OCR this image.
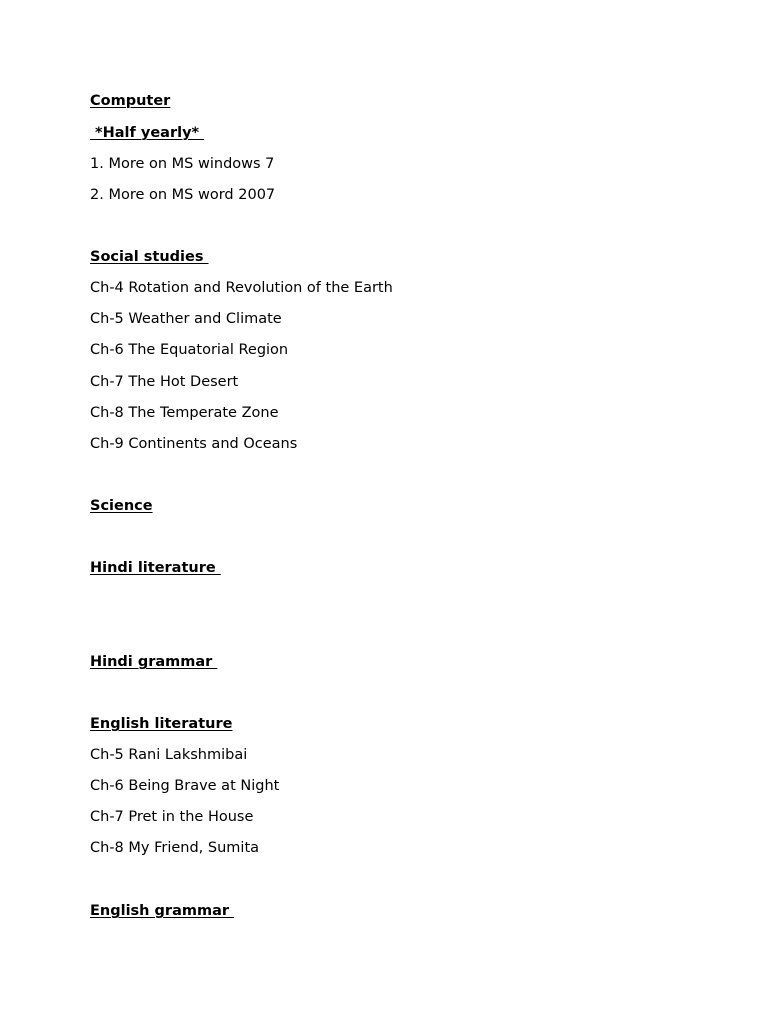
Computer

*Half yearly*

1. More on MS windows 7

2. More on MS word 2007

Social studies

Ch-4 Rotation and Revolution of the Earth

Ch-5 Weather and Climate

Ch-6 The Equatorial Region

Ch-7 The Hot Desert

Ch-8 The Temperate Zone

Ch-9 Continents and Oceans

Science

Hindi literature

Hindi grammar

English literature

Ch-5 Rani Lakshmibai

Ch-6 Being Brave at Night

Ch-7 Pret in the House

Ch-8 My Friend, Sumita

English grammar
